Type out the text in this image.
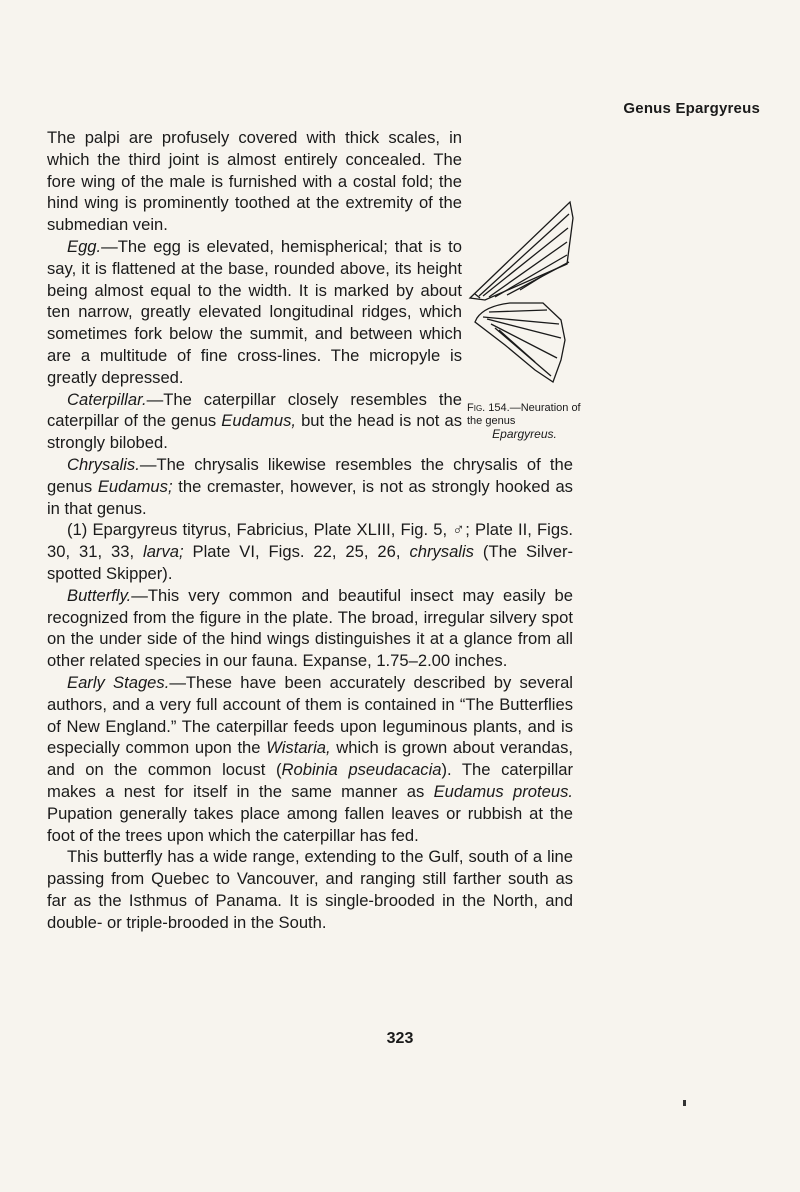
Genus Epargyreus

The palpi are profusely covered with thick scales, in which the third joint is almost entirely concealed. The fore wing of the male is furnished with a costal fold; the hind wing is prominently toothed at the extremity of the submedian vein.

Egg.—The egg is elevated, hemispherical; that is to say, it is flattened at the base, rounded above, its height being almost equal to the width. It is marked by about ten narrow, greatly elevated longitudinal ridges, which sometimes fork below the summit, and between which are a multitude of fine cross-lines. The micropyle is greatly depressed.

Caterpillar.—The caterpillar closely resembles the caterpillar of the genus Eudamus, but the head is not as strongly bilobed.

Chrysalis.—The chrysalis likewise resembles the chrysalis of the genus Eudamus; the cremaster, however, is not as strongly hooked as in that genus.

(1) Epargyreus tityrus, Fabricius, Plate XLIII, Fig. 5, ♂; Plate II, Figs. 30, 31, 33, larva; Plate VI, Figs. 22, 25, 26, chrysalis (The Silver-spotted Skipper).

Butterfly.—This very common and beautiful insect may easily be recognized from the figure in the plate. The broad, irregular silvery spot on the under side of the hind wings distinguishes it at a glance from all other related species in our fauna. Expanse, 1.75–2.00 inches.

Early Stages.—These have been accurately described by several authors, and a very full account of them is contained in “The Butterflies of New England.” The caterpillar feeds upon leguminous plants, and is especially common upon the Wistaria, which is grown about verandas, and on the common locust (Robinia pseudacacia). The caterpillar makes a nest for itself in the same manner as Eudamus proteus. Pupation generally takes place among fallen leaves or rubbish at the foot of the trees upon which the caterpillar has fed.

This butterfly has a wide range, extending to the Gulf, south of a line passing from Quebec to Vancouver, and ranging still farther south as far as the Isthmus of Panama. It is single-brooded in the North, and double- or triple-brooded in the South.

Fig. 154.—Neuration of the genus
Epargyreus.
323
